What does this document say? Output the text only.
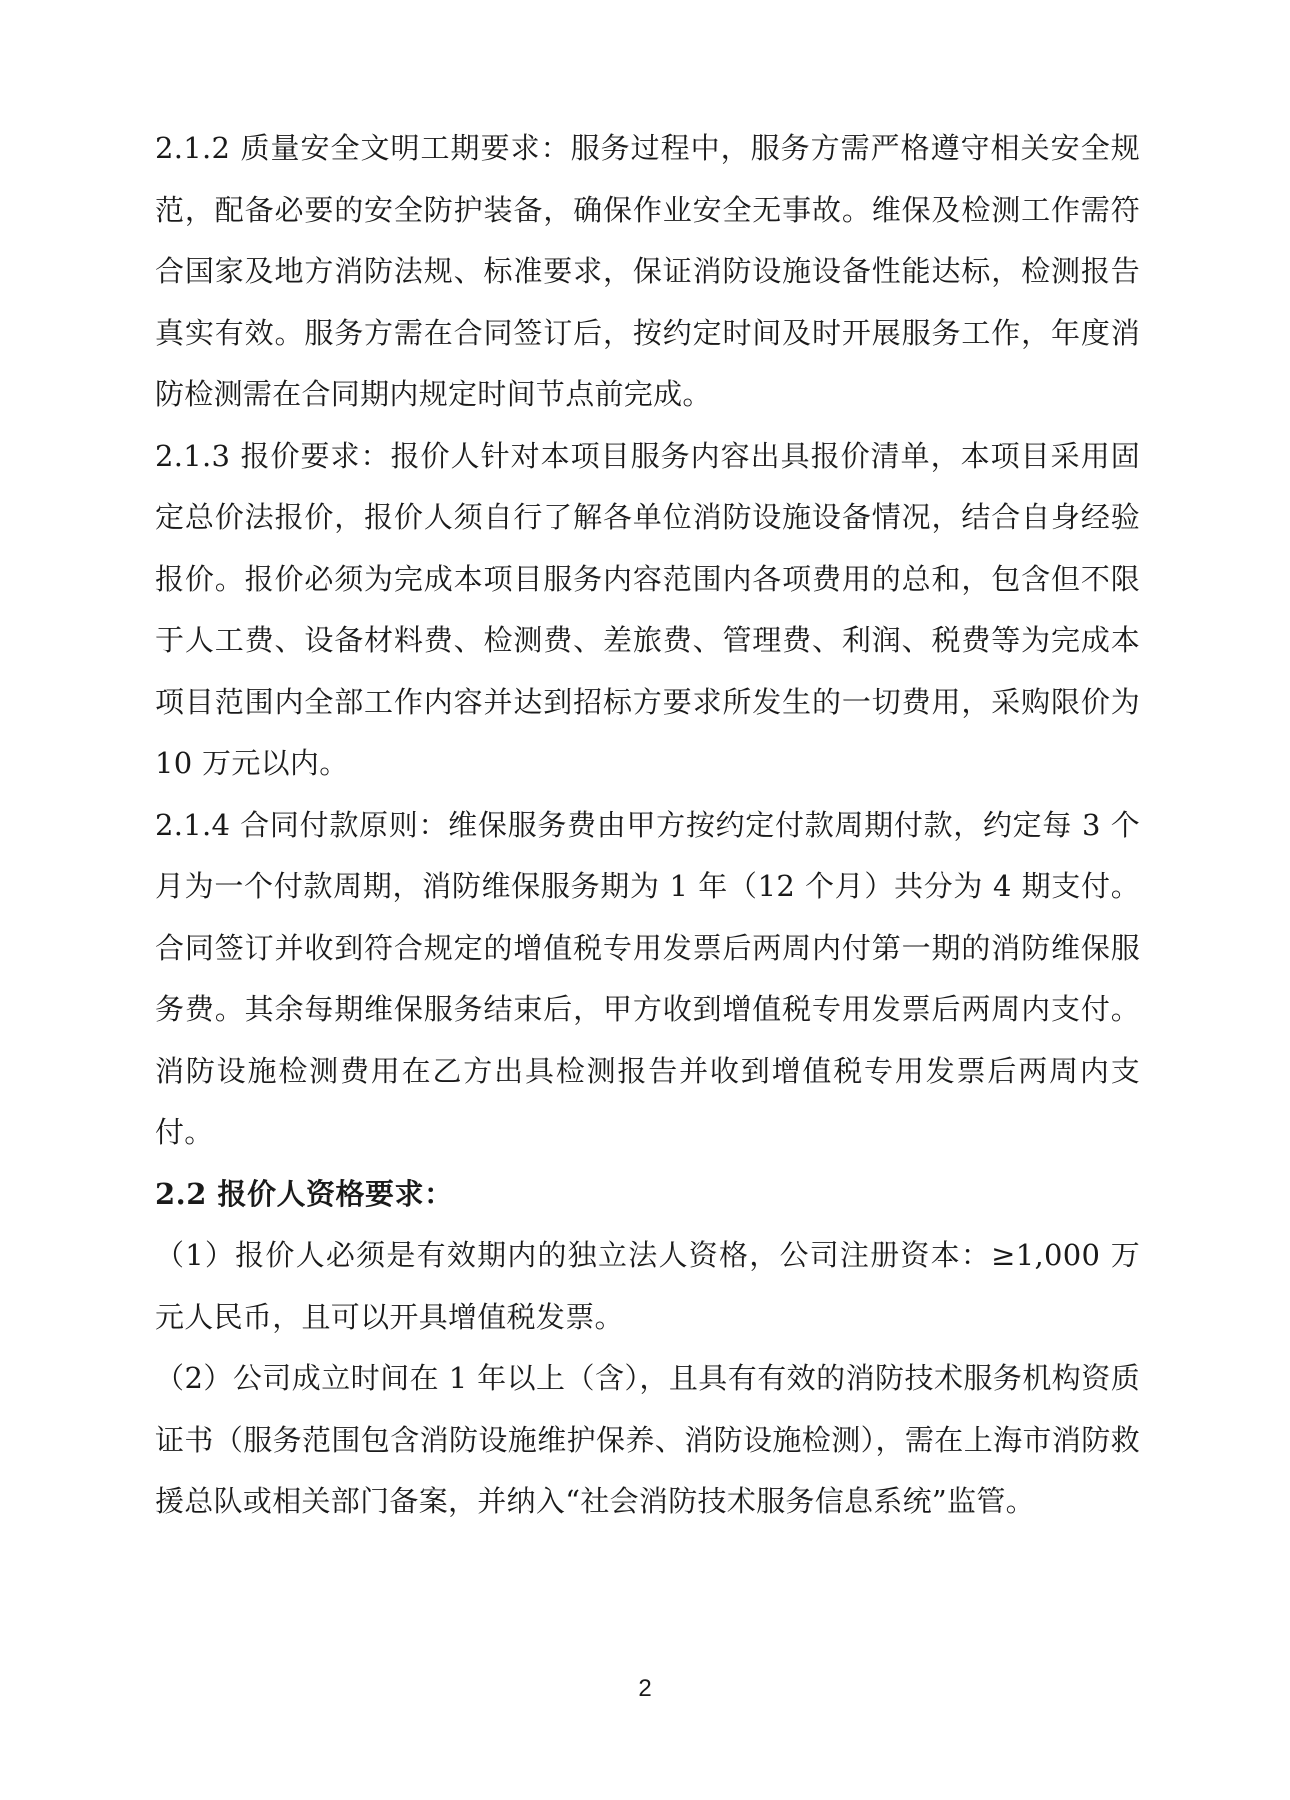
2.1.2 质量安全文明工期要求：服务过程中，服务方需严格遵守相关安全规范，配备必要的安全防护装备，确保作业安全无事故。维保及检测工作需符合国家及地方消防法规、标准要求，保证消防设施设备性能达标，检测报告真实有效。服务方需在合同签订后，按约定时间及时开展服务工作，年度消防检测需在合同期内规定时间节点前完成。

2.1.3 报价要求：报价人针对本项目服务内容出具报价清单，本项目采用固定总价法报价，报价人须自行了解各单位消防设施设备情况，结合自身经验报价。报价必须为完成本项目服务内容范围内各项费用的总和，包含但不限于人工费、设备材料费、检测费、差旅费、管理费、利润、税费等为完成本项目范围内全部工作内容并达到招标方要求所发生的一切费用，采购限价为 10 万元以内。

2.1.4 合同付款原则：维保服务费由甲方按约定付款周期付款，约定每 3 个月为一个付款周期，消防维保服务期为 1 年（12 个月）共分为 4 期支付。合同签订并收到符合规定的增值税专用发票后两周内付第一期的消防维保服务费。其余每期维保服务结束后，甲方收到增值税专用发票后两周内支付。消防设施检测费用在乙方出具检测报告并收到增值税专用发票后两周内支付。

2.2 报价人资格要求：

（1）报价人必须是有效期内的独立法人资格，公司注册资本：≥1,000 万元人民币，且可以开具增值税发票。

（2）公司成立时间在 1 年以上（含），且具有有效的消防技术服务机构资质证书（服务范围包含消防设施维护保养、消防设施检测），需在上海市消防救援总队或相关部门备案，并纳入“社会消防技术服务信息系统”监管。

2
